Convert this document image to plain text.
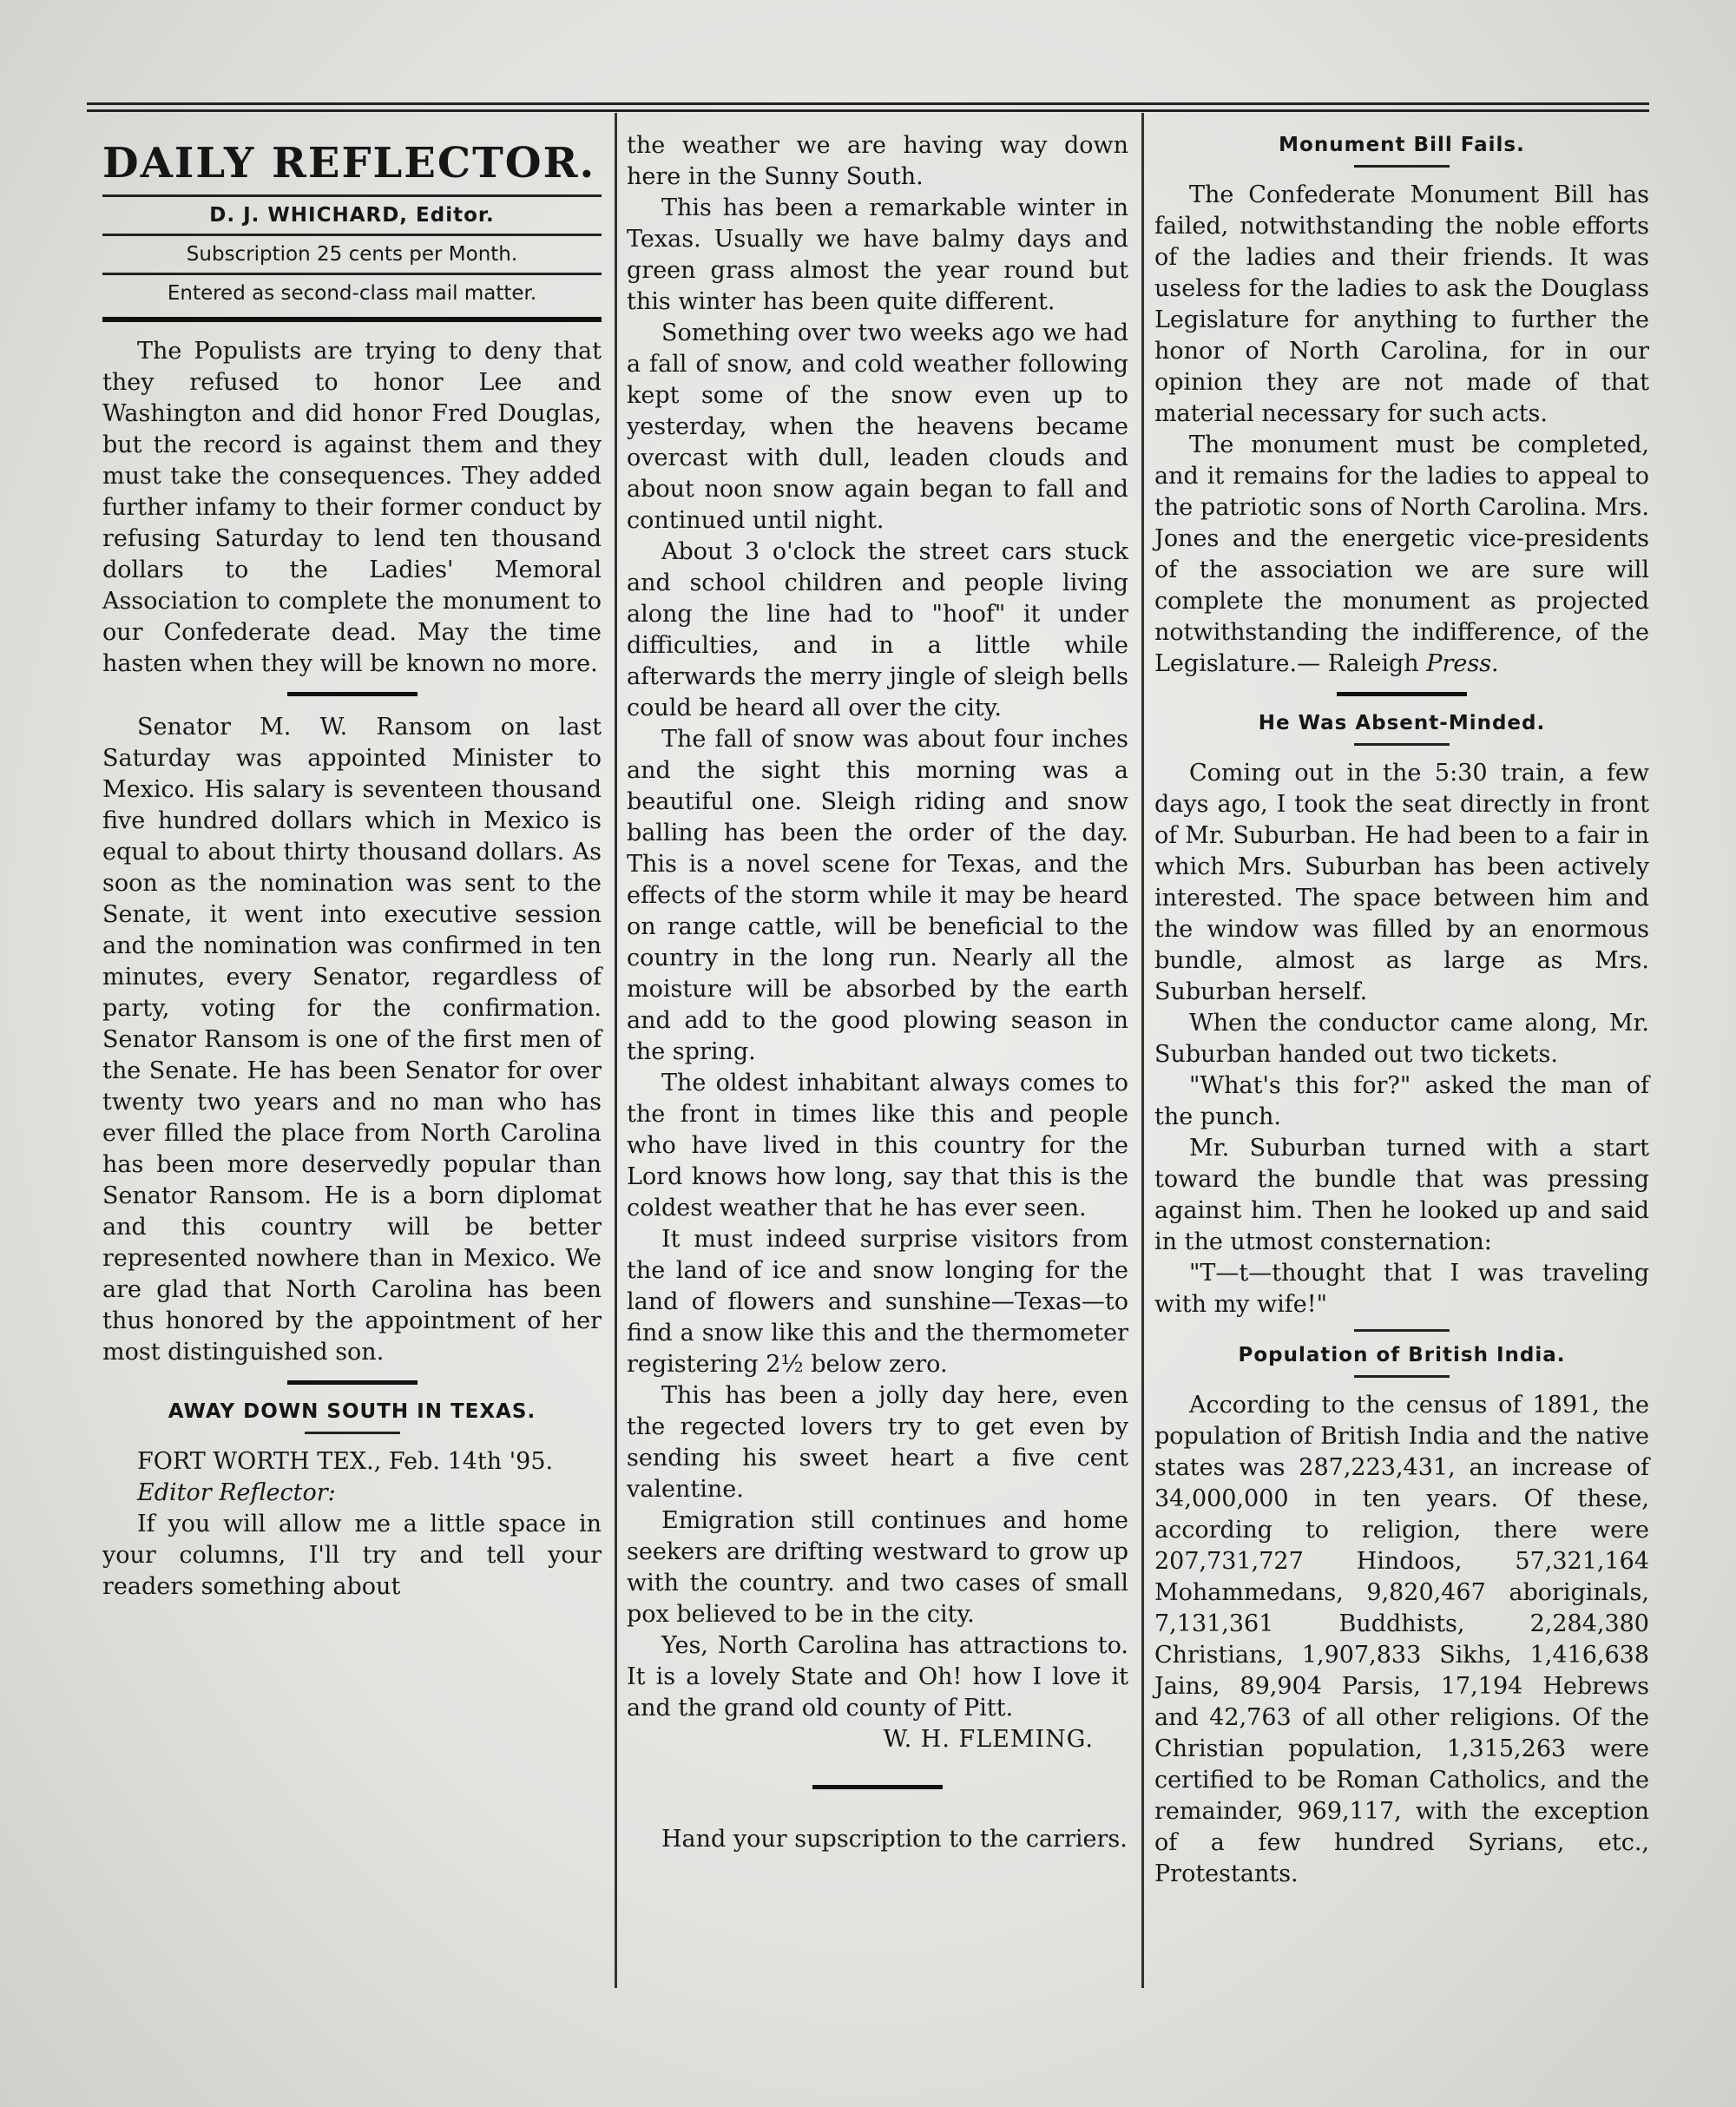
DAILY REFLECTOR.
D. J. WHICHARD, Editor.
Subscription 25 cents per Month.
Entered as second-class mail matter.

The Populists are trying to deny that they refused to honor Lee and Washington and did honor Fred Douglas, but the record is against them and they must take the consequences. They added further infamy to their former conduct by refusing Saturday to lend ten thousand dollars to the Ladies' Memoral Association to complete the monument to our Confederate dead. May the time hasten when they will be known no more.

Senator M. W. Ransom on last Saturday was appointed Minister to Mexico. His salary is seventeen thousand five hundred dollars which in Mexico is equal to about thirty thousand dollars. As soon as the nomination was sent to the Senate, it went into executive session and the nomination was confirmed in ten minutes, every Senator, regardless of party, voting for the confirmation. Senator Ransom is one of the first men of the Senate. He has been Senator for over twenty two years and no man who has ever filled the place from North Carolina has been more deservedly popular than Senator Ransom. He is a born diplomat and this country will be better represented nowhere than in Mexico. We are glad that North Carolina has been thus honored by the appointment of her most distinguished son.

AWAY DOWN SOUTH IN TEXAS.
FORT WORTH TEX., Feb. 14th '95.
Editor Reflector:

If you will allow me a little space in your columns, I'll try and tell your readers something about

the weather we are having way down here in the Sunny South.

This has been a remarkable winter in Texas. Usually we have balmy days and green grass almost the year round but this winter has been quite different.

Something over two weeks ago we had a fall of snow, and cold weather following kept some of the snow even up to yesterday, when the heavens became overcast with dull, leaden clouds and about noon snow again began to fall and continued until night.

About 3 o'clock the street cars stuck and school children and people living along the line had to "hoof" it under difficulties, and in a little while afterwards the merry jingle of sleigh bells could be heard all over the city.

The fall of snow was about four inches and the sight this morning was a beautiful one. Sleigh riding and snow balling has been the order of the day. This is a novel scene for Texas, and the effects of the storm while it may be heard on range cattle, will be beneficial to the country in the long run. Nearly all the moisture will be absorbed by the earth and add to the good plowing season in the spring.

The oldest inhabitant always comes to the front in times like this and people who have lived in this country for the Lord knows how long, say that this is the coldest weather that he has ever seen.

It must indeed surprise visitors from the land of ice and snow longing for the land of flowers and sunshine—Texas—to find a snow like this and the thermometer registering 2½ below zero.

This has been a jolly day here, even the regected lovers try to get even by sending his sweet heart a five cent valentine.

Emigration still continues and home seekers are drifting westward to grow up with the country. and two cases of small pox believed to be in the city.

Yes, North Carolina has attractions to. It is a lovely State and Oh! how I love it and the grand old county of Pitt.

W. H. FLEMING.

Hand your supscription to the carriers.

Monument Bill Fails.

The Confederate Monument Bill has failed, notwithstanding the noble efforts of the ladies and their friends. It was useless for the ladies to ask the Douglass Legislature for anything to further the honor of North Carolina, for in our opinion they are not made of that material necessary for such acts.

The monument must be completed, and it remains for the ladies to appeal to the patriotic sons of North Carolina. Mrs. Jones and the energetic vice-presidents of the association we are sure will complete the monument as projected notwithstanding the indifference, of the Legislature.— Raleigh Press.

He Was Absent-Minded.

Coming out in the 5:30 train, a few days ago, I took the seat directly in front of Mr. Suburban. He had been to a fair in which Mrs. Suburban has been actively interested. The space between him and the window was filled by an enormous bundle, almost as large as Mrs. Suburban herself.

When the conductor came along, Mr. Suburban handed out two tickets.

"What's this for?" asked the man of the punch.

Mr. Suburban turned with a start toward the bundle that was pressing against him. Then he looked up and said in the utmost consternation:

"T—t—thought that I was traveling with my wife!"

Population of British India.

According to the census of 1891, the population of British India and the native states was 287,223,431, an increase of 34,000,000 in ten years. Of these, according to religion, there were 207,731,727 Hindoos, 57,321,164 Mohammedans, 9,820,467 aboriginals, 7,131,361 Buddhists, 2,284,380 Christians, 1,907,833 Sikhs, 1,416,638 Jains, 89,904 Parsis, 17,194 Hebrews and 42,763 of all other religions. Of the Christian population, 1,315,263 were certified to be Roman Catholics, and the remainder, 969,117, with the exception of a few hundred Syrians, etc., Protestants.
